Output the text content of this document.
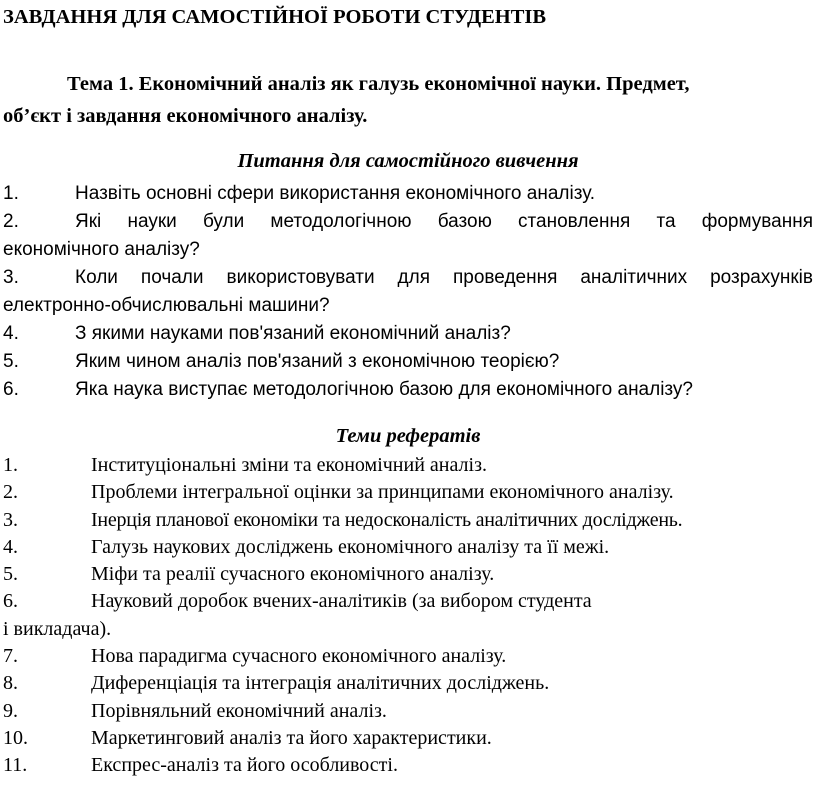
ЗАВДАННЯ ДЛЯ САМОСТІЙНОЇ РОБОТИ СТУДЕНТІВ
Тема 1. Економічний аналіз як галузь економічної науки. Предмет,
об’єкт і завдання економічного аналізу.
Питання для самостійного вивчення
1.	Назвіть основні сфери використання економічного аналізу.
2.	Які науки були методологічною базою становлення та формування
економічного аналізу?
3.	Коли почали використовувати для проведення аналітичних розрахунків
електронно-обчислювальні машини?
4.	З якими науками пов'язаний економічний аналіз?
5.	Яким чином аналіз пов'язаний з економічною теорією?
6.	Яка наука виступає методологічною базою для економічного аналізу?
Теми рефератів
1.	Інституціональні зміни та економічний аналіз.
2.	Проблеми інтегральної оцінки за принципами економічного аналізу.
3.	Інерція планової економіки та недосконаліcть аналітичних досліджень.
4.	Галузь наукових досліджень економічного аналізу та її межі.
5.	Міфи та реалії сучасного економічного аналізу.
6.	Науковий доробок вчених-аналітиків (за вибором студента
і викладача).
7.	Нова парадигма сучасного економічного аналізу.
8.	Диференціація та інтеграція аналітичних досліджень.
9.	Порівняльний економічний аналіз.
10.	Маркетинговий аналіз та його характеристики.
11.	Експрес-аналіз та його особливості.
